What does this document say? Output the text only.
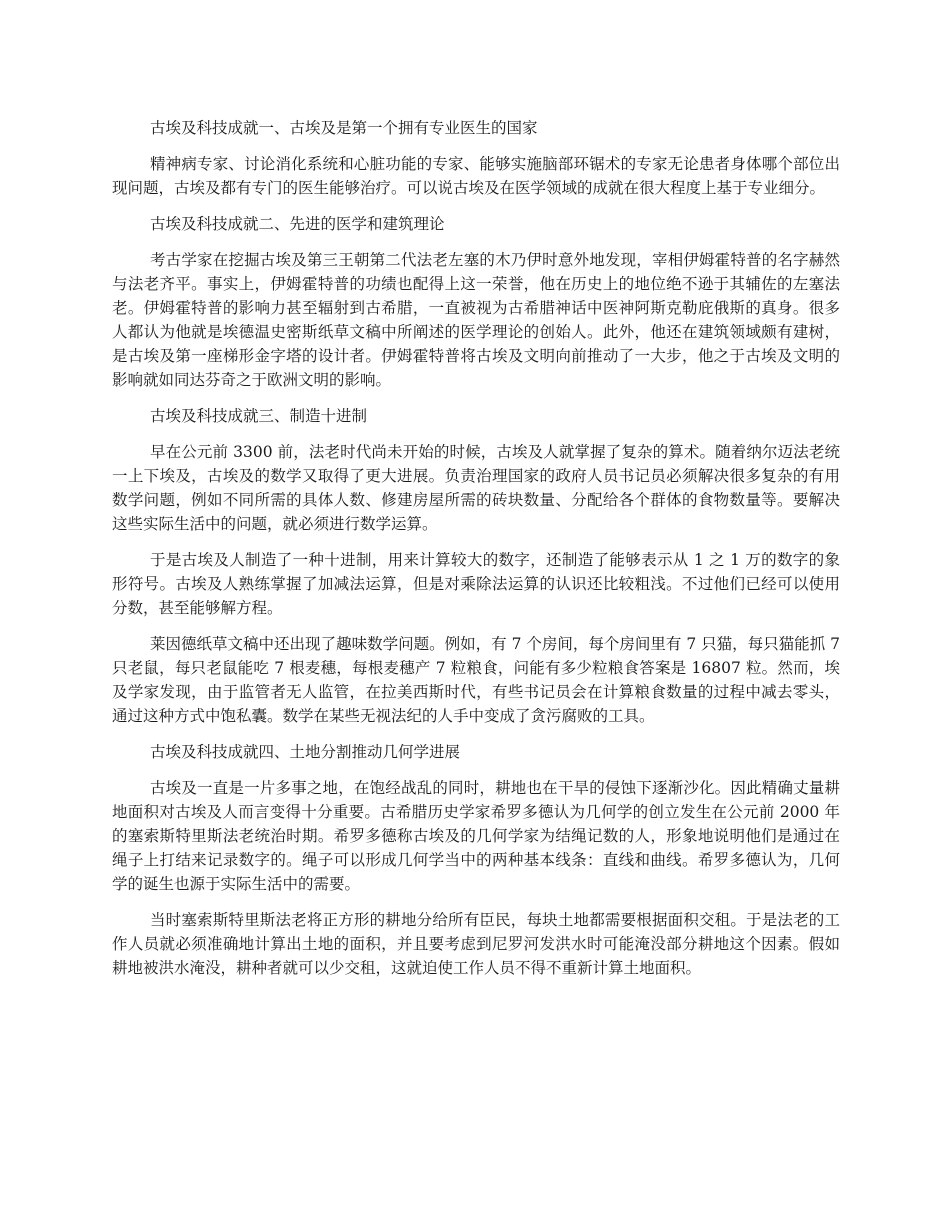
古埃及科技成就一、古埃及是第一个拥有专业医生的国家

精神病专家、讨论消化系统和心脏功能的专家、能够实施脑部环锯术的专家无论患者身体哪个部位出现问题，古埃及都有专门的医生能够治疗。可以说古埃及在医学领域的成就在很大程度上基于专业细分。

古埃及科技成就二、先进的医学和建筑理论

考古学家在挖掘古埃及第三王朝第二代法老左塞的木乃伊时意外地发现，宰相伊姆霍特普的名字赫然与法老齐平。事实上，伊姆霍特普的功绩也配得上这一荣誉，他在历史上的地位绝不逊于其辅佐的左塞法老。伊姆霍特普的影响力甚至辐射到古希腊，一直被视为古希腊神话中医神阿斯克勒庇俄斯的真身。很多人都认为他就是埃德温史密斯纸草文稿中所阐述的医学理论的创始人。此外，他还在建筑领域颇有建树，是古埃及第一座梯形金字塔的设计者。伊姆霍特普将古埃及文明向前推动了一大步，他之于古埃及文明的影响就如同达芬奇之于欧洲文明的影响。

古埃及科技成就三、制造十进制

早在公元前 3300 前，法老时代尚未开始的时候，古埃及人就掌握了复杂的算术。随着纳尔迈法老统一上下埃及，古埃及的数学又取得了更大进展。负责治理国家的政府人员书记员必须解决很多复杂的有用数学问题，例如不同所需的具体人数、修建房屋所需的砖块数量、分配给各个群体的食物数量等。要解决这些实际生活中的问题，就必须进行数学运算。

于是古埃及人制造了一种十进制，用来计算较大的数字，还制造了能够表示从 1 之 1 万的数字的象形符号。古埃及人熟练掌握了加减法运算，但是对乘除法运算的认识还比较粗浅。不过他们已经可以使用分数，甚至能够解方程。

莱因德纸草文稿中还出现了趣味数学问题。例如，有 7 个房间，每个房间里有 7 只猫，每只猫能抓 7 只老鼠，每只老鼠能吃 7 根麦穗，每根麦穗产 7 粒粮食，问能有多少粒粮食答案是 16807 粒。然而，埃及学家发现，由于监管者无人监管，在拉美西斯时代，有些书记员会在计算粮食数量的过程中减去零头，通过这种方式中饱私囊。数学在某些无视法纪的人手中变成了贪污腐败的工具。

古埃及科技成就四、土地分割推动几何学进展

古埃及一直是一片多事之地，在饱经战乱的同时，耕地也在干旱的侵蚀下逐渐沙化。因此精确丈量耕地面积对古埃及人而言变得十分重要。古希腊历史学家希罗多德认为几何学的创立发生在公元前 2000 年的塞索斯特里斯法老统治时期。希罗多德称古埃及的几何学家为结绳记数的人，形象地说明他们是通过在绳子上打结来记录数字的。绳子可以形成几何学当中的两种基本线条：直线和曲线。希罗多德认为，几何学的诞生也源于实际生活中的需要。

当时塞索斯特里斯法老将正方形的耕地分给所有臣民，每块土地都需要根据面积交租。于是法老的工作人员就必须准确地计算出土地的面积，并且要考虑到尼罗河发洪水时可能淹没部分耕地这个因素。假如耕地被洪水淹没，耕种者就可以少交租，这就迫使工作人员不得不重新计算土地面积。
